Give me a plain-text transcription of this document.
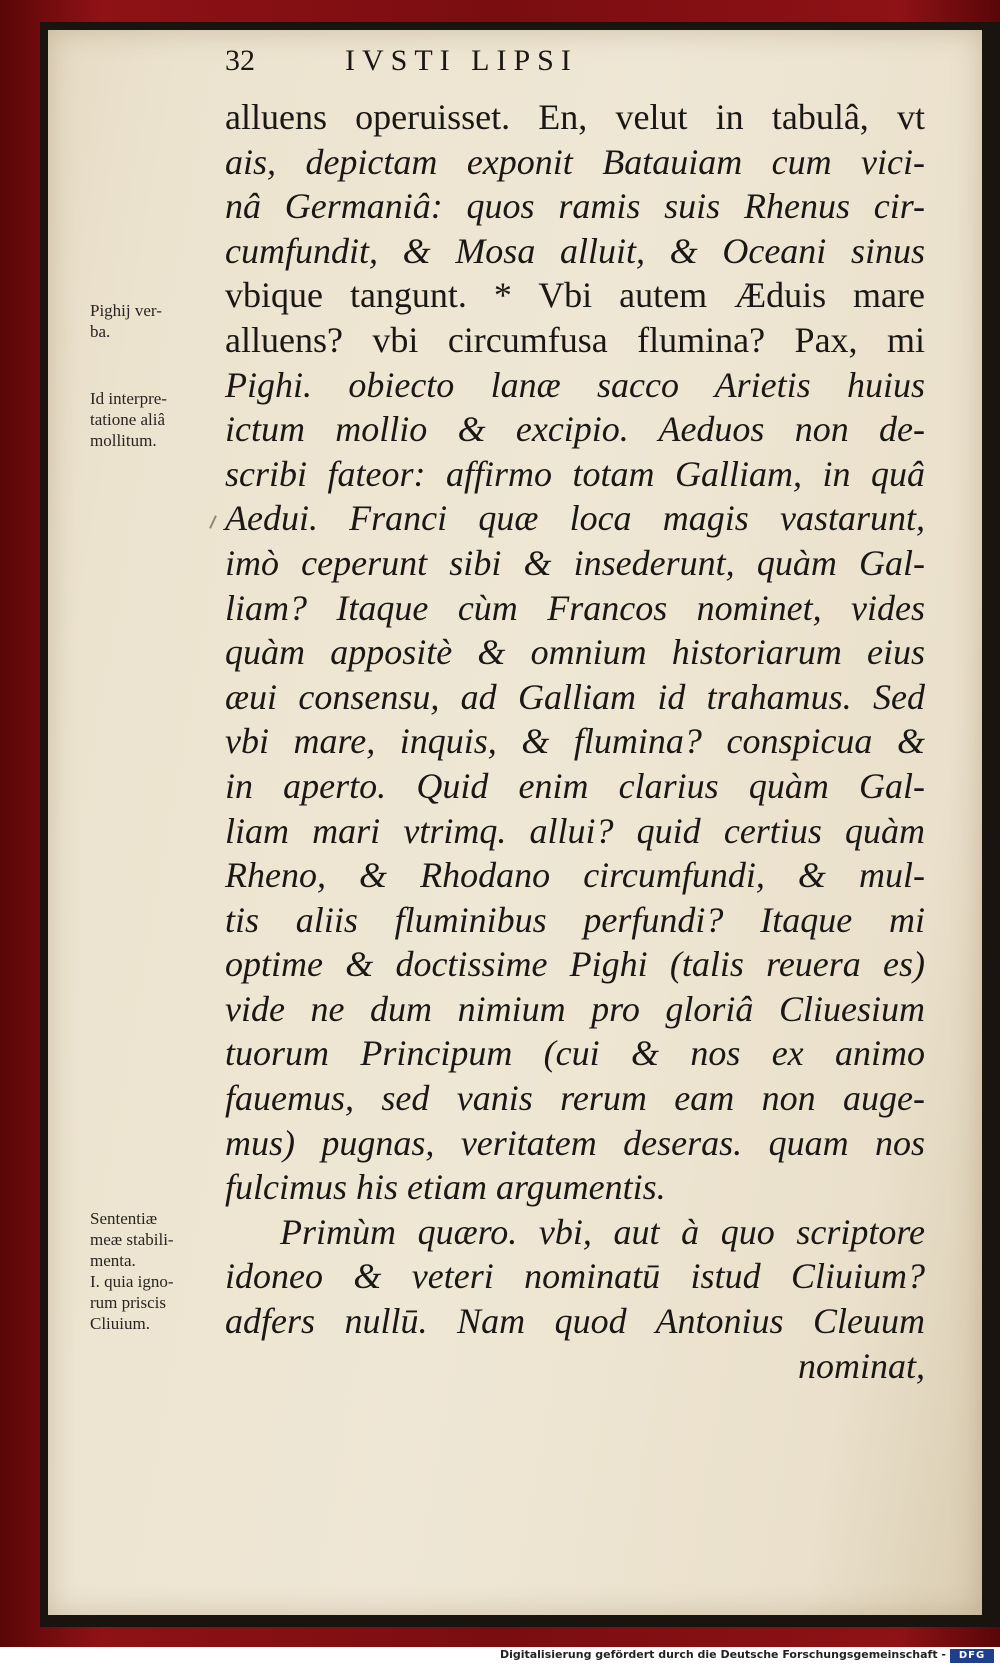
32	IVSTI LIPSI
alluens operuisset. En, velut in tabulâ, vt
ais, depictam exponit Batauiam cum vici-
nâ Germaniâ: quos ramis suis Rhenus cir-
cumfundit, & Mosa alluit, & Oceani sinus
vbique tangunt. * Vbi autem Æduis mare
alluens? vbi circumfusa flumina? Pax, mi
Pighi. obiecto lanæ sacco Arietis huius
ictum mollio & excipio. Aeduos non de-
scribi fateor: affirmo totam Galliam, in quâ
Aedui. Franci quæ loca magis vastarunt,
imò ceperunt sibi & insederunt, quàm Gal-
liam? Itaque cùm Francos nominet, vides
quàm appositè & omnium historiarum eius
æui consensu, ad Galliam id trahamus. Sed
vbi mare, inquis, & flumina? conspicua &
in aperto. Quid enim clarius quàm Gal-
liam mari vtrimq. allui? quid certius quàm
Rheno, & Rhodano circumfundi, & mul-
tis aliis fluminibus perfundi? Itaque mi
optime & doctissime Pighi (talis reuera es)
vide ne dum nimium pro gloriâ Cliuesium
tuorum Principum (cui & nos ex animo
fauemus, sed vanis rerum eam non auge-
mus) pugnas, veritatem deseras. quam nos
fulcimus his etiam argumentis.
Primùm quæro. vbi, aut à quo scriptore
idoneo & veteri nominatū istud Cliuium?
adfers nullū. Nam quod Antonius Cleuum
nominat,
Pighij ver-
ba.
Id interpre-
tatione aliâ
mollitum.
Sententiæ
meæ stabili-
menta.
I. quia igno-
rum priscis
Cliuium.
Digitalisierung gefördert durch die Deutsche Forschungsgemeinschaft -	DFG
